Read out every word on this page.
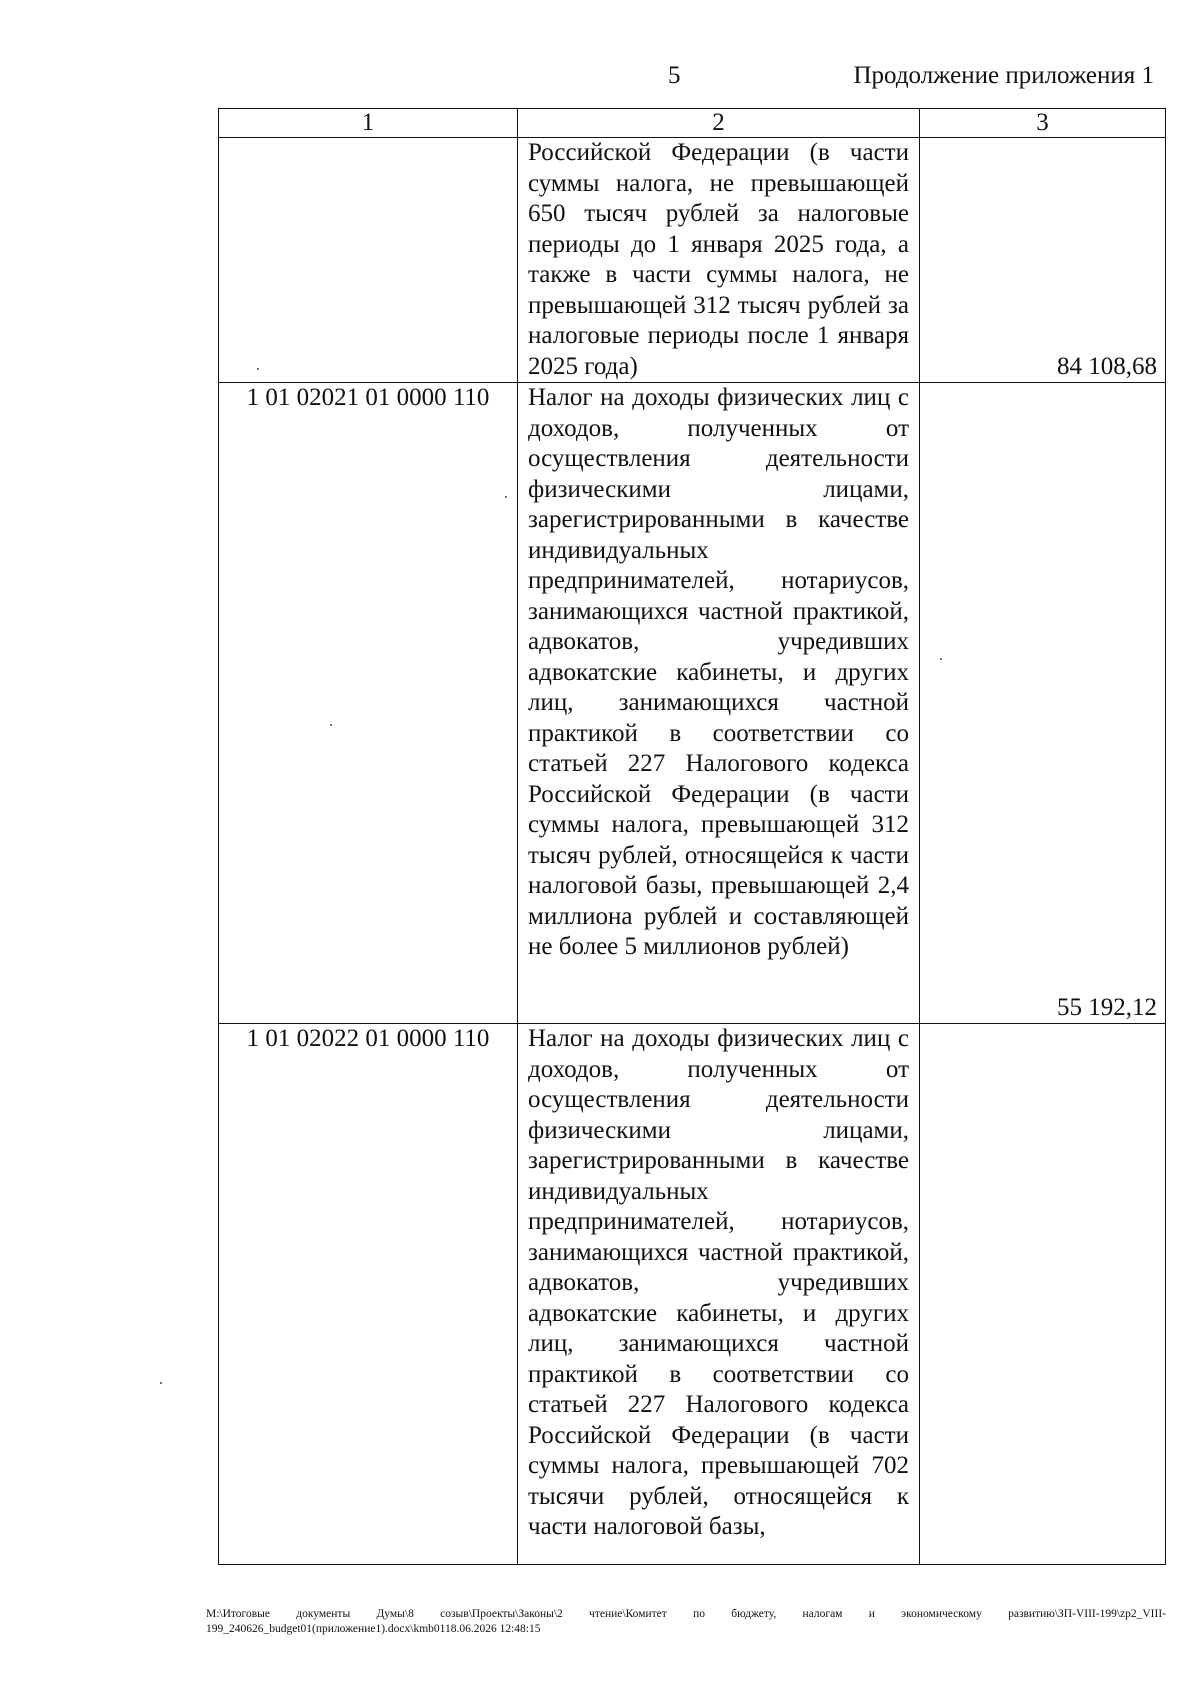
5	Продолжение приложения 1
1	2	3
	Российской Федерации (в части суммы налога, не превышающей 650 тысяч рублей за налоговые периоды до 1 января 2025 года, а также в части суммы налога, не превышающей 312 тысяч рублей за налоговые периоды после 1 января 2025 года)	84 108,68
1 01 02021 01 0000 110	Налог на доходы физических лиц с доходов, полученных от осуществления деятельности физическими лицами, зарегистрированными в качестве индивидуальных предпринимателей, нотариусов, занимающихся частной практикой, адвокатов, учредивших адвокатские кабинеты, и других лиц, занимающихся частной практикой в соответствии со статьей 227 Налогового кодекса Российской Федерации (в части суммы налога, превышающей 312 тысяч рублей, относящейся к части налоговой базы, превышающей 2,4 миллиона рублей и составляющей не более 5 миллионов рублей)	55 192,12
1 01 02022 01 0000 110	Налог на доходы физических лиц с доходов, полученных от осуществления деятельности физическими лицами, зарегистрированными в качестве индивидуальных предпринимателей, нотариусов, занимающихся частной практикой, адвокатов, учредивших адвокатские кабинеты, и других лиц, занимающихся частной практикой в соответствии со статьей 227 Налогового кодекса Российской Федерации (в части суммы налога, превышающей 702 тысячи рублей, относящейся к части налоговой базы,	
M:\Итоговые документы Думы\8 созыв\Проекты\Законы\2 чтение\Комитет по бюджету, налогам и экономическому развитию\ЗП-VIII-199\zp2_VIII-199_240626_budget01(приложение1).docx\kmb0118.06.2026 12:48:15
